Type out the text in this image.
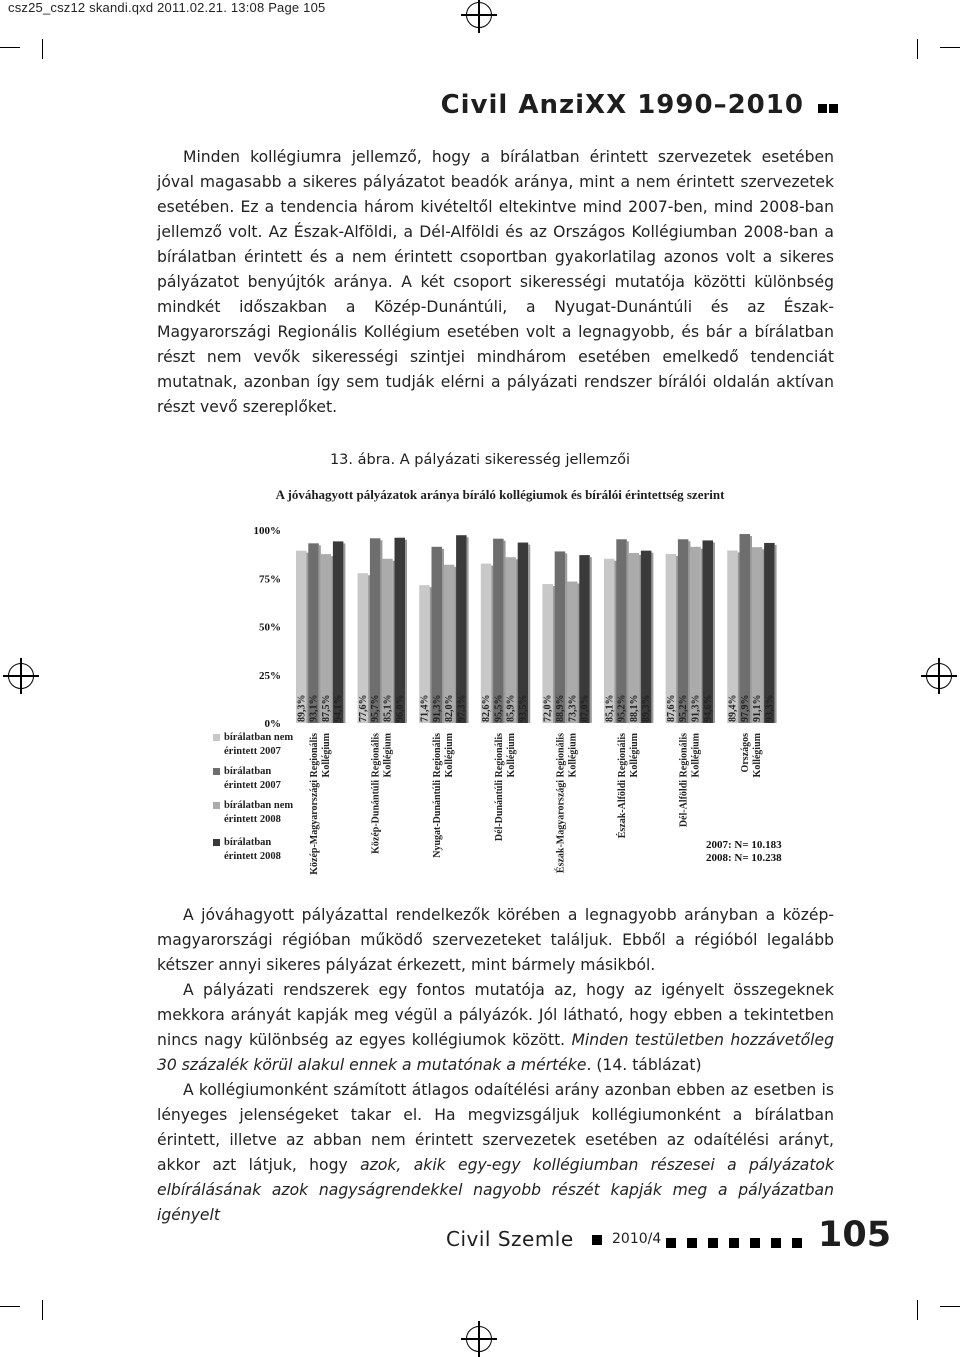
csz25_csz12 skandi.qxd 2011.02.21. 13:08 Page 105
Civil AnziXX 1990–2010

Minden kollégiumra jellemző, hogy a bírálatban érintett szervezetek esetében jóval magasabb a sikeres pályázatot beadók aránya, mint a nem érintett szervezetek esetében. Ez a tendencia három kivételtől eltekintve mind 2007-ben, mind 2008-ban jellemző volt. Az Észak-Alföldi, a Dél-Alföldi és az Országos Kollégiumban 2008-ban a bírálatban érintett és a nem érintett csoportban gyakorlatilag azonos volt a sikeres pályázatot benyújtók aránya. A két csoport sikerességi mutatója közötti különbség mindkét időszakban a Közép-Dunántúli, a Nyugat-Dunántúli és az Észak-Magyarországi Regionális Kollégium esetében volt a legnagyobb, és bár a bírálatban részt nem vevők sikerességi szintjei mindhárom esetében emelkedő tendenciát mutatnak, azonban így sem tudják elérni a pályázati rendszer bírálói oldalán aktívan részt vevő szereplőket.

13. ábra. A pályázati sikeresség jellemzői
A jóváhagyott pályázatok aránya bíráló kollégiumok és bírálói érintettség szerint
0%
25%
50%
75%
100%
89,3% 93,1% 87,5% 94,1%
Közép-Magyarországi Regionális Kollégium
77,6% 95,7% 85,1% 96,0%
Közép-Dunántúli Regionális Kollégium
71,4% 91,3% 82,0% 97,3%
Nyugat-Dunántúli Regionális Kollégium
82,6% 95,5% 85,9% 93,5%
Dél-Dunántúli Regionális Kollégium
72,0% 88,9% 73,3% 87,0%
Észak-Magyarországi Regionális Kollégium
85,1% 95,2% 88,1% 89,3%
Észak-Alföldi Regionális Kollégium
87,6% 95,2% 91,3% 94,6%
Dél-Alföldi Regionális Kollégium
89,4% 97,9% 91,1% 93,3%
Országos Kollégium
bírálatban nem
érintett 2007
bírálatban
érintett 2007
bírálatban nem
érintett 2008
bírálatban
érintett 2008
2007: N= 10.183
2008: N= 10.238

A jóváhagyott pályázattal rendelkezők körében a legnagyobb arányban a közép-magyarországi régióban működő szervezeteket találjuk. Ebből a régióból legalább kétszer annyi sikeres pályázat érkezett, mint bármely másikból.

A pályázati rendszerek egy fontos mutatója az, hogy az igényelt összegeknek mekkora arányát kapják meg végül a pályázók. Jól látható, hogy ebben a tekintetben nincs nagy különbség az egyes kollégiumok között. Minden testületben hozzávetőleg 30 százalék körül alakul ennek a mutatónak a mértéke. (14. táblázat)

A kollégiumonként számított átlagos odaítélési arány azonban ebben az esetben is lényeges jelenségeket takar el. Ha megvizsgáljuk kollégiumonként a bírálatban érintett, illetve az abban nem érintett szervezetek esetében az odaítélési arányt, akkor azt látjuk, hogy azok, akik egy-egy kollégiumban részesei a pályázatok elbírálásának azok nagyságrendekkel nagyobb részét kapják meg a pályázatban igényelt

Civil Szemle	2010/4	105
